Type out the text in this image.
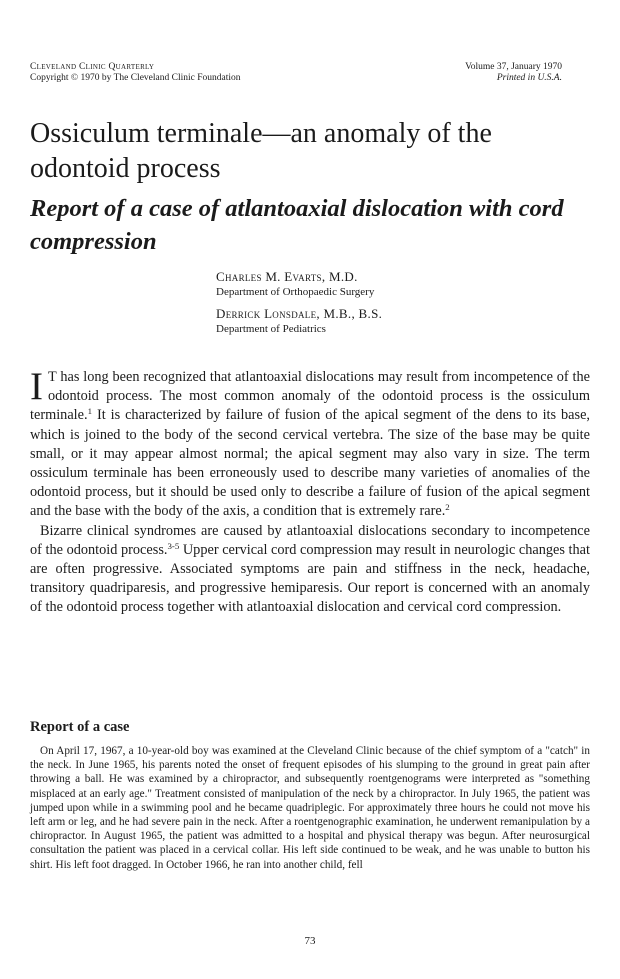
Cleveland Clinic Quarterly
Copyright © 1970 by The Cleveland Clinic Foundation
Volume 37, January 1970
Printed in U.S.A.
Ossiculum terminale—an anomaly of the odontoid process
Report of a case of atlantoaxial dislocation with cord compression
Charles M. Evarts, M.D.
Department of Orthopaedic Surgery
Derrick Lonsdale, M.B., B.S.
Department of Pediatrics

I T has long been recognized that atlantoaxial dislocations may result from incompetence of the odontoid process. The most common anomaly of the odontoid process is the ossiculum terminale.$^1$ It is characterized by failure of fusion of the apical segment of the dens to its base, which is joined to the body of the second cervical vertebra. The size of the base may be quite small, or it may appear almost normal; the apical segment may also vary in size. The term ossiculum terminale has been erroneously used to describe many varieties of anomalies of the odontoid process, but it should be used only to describe a failure of fusion of the apical segment and the base with the body of the axis, a condition that is extremely rare.$^2$

Bizarre clinical syndromes are caused by atlantoaxial dislocations secondary to incompetence of the odontoid process.$^{3-5}$ Upper cervical cord compression may result in neurologic changes that are often progressive. Associated symptoms are pain and stiffness in the neck, headache, transitory quadriparesis, and progressive hemiparesis. Our report is concerned with an anomaly of the odontoid process together with atlantoaxial dislocation and cervical cord compression.

Report of a case

On April 17, 1967, a 10-year-old boy was examined at the Cleveland Clinic because of the chief symptom of a "catch" in the neck. In June 1965, his parents noted the onset of frequent episodes of his slumping to the ground in great pain after throwing a ball. He was examined by a chiropractor, and subsequently roentgenograms were interpreted as "something misplaced at an early age." Treatment consisted of manipulation of the neck by a chiropractor. In July 1965, the patient was jumped upon while in a swimming pool and he became quadriplegic. For approximately three hours he could not move his left arm or leg, and he had severe pain in the neck. After a roentgenographic examination, he underwent remanipulation by a chiropractor. In August 1965, the patient was admitted to a hospital and physical therapy was begun. After neurosurgical consultation the patient was placed in a cervical collar. His left side continued to be weak, and he was unable to button his shirt. His left foot dragged. In October 1966, he ran into another child, fell

73
